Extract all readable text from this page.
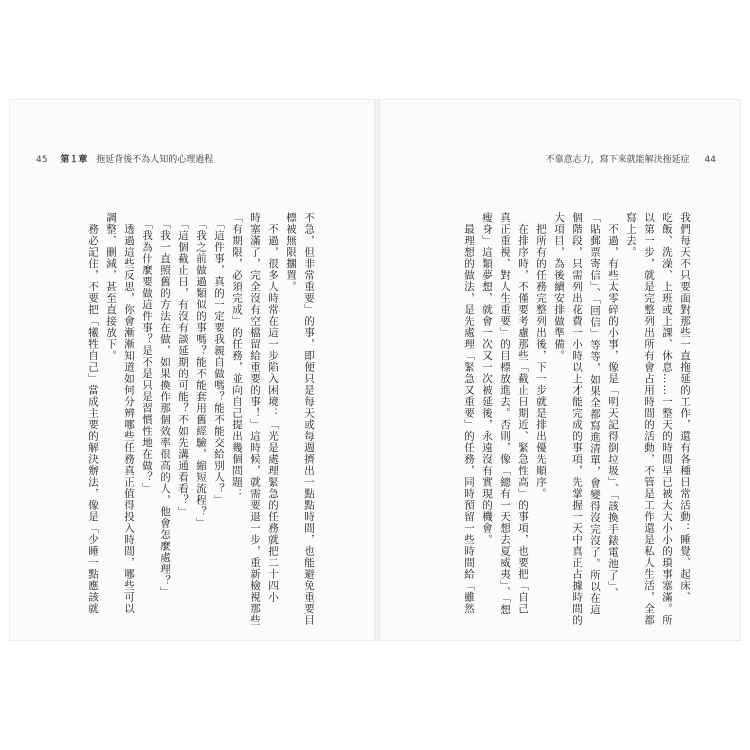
45 第１章 拖延背後不為人知的心理過程
不急，但非常重要」的事，即便只是每天或每週擠出一點點時間，也能避免重要目
標被無限擱置。
　不過，很多人時常在這一步陷入困境：「光是處理緊急的任務就把二十四小
時塞滿了，完全沒有空檔留給重要的事！」這時候，就需要退一步，重新檢視那些
「有期限，必須完成」的任務，並向自己提出幾個問題：
　「這件事，真的一定要我親自做嗎？能不能交給別人？」
　「我之前做過類似的事嗎？能不能套用舊經驗，縮短流程？」
　「這個截止日，有沒有談延期的可能？不如先溝通看看？」
　「我一直照舊的方法在做，如果換作那個效率很高的人，他會怎麼處理？」
　「我為什麼要做這件事？是不是只是習慣性地在做？」
　透過這些反思，你會漸漸知道如何分辨哪些任務真正值得投入時間，哪些可以
調整、刪減，甚至直接放下。
　務必記住，不要把「犧牲自己」當成主要的解決辦法，像是「少睡一點應該就
不靠意志力，寫下來就能解決拖延症 44
我們每天不只要面對那些一直拖延的工作，還有各種日常活動：睡覺、起床、
吃飯、洗澡、上班或上課、休息……一整天的時間早已被大大小小的瑣事塞滿。所
以第一步，就是完整列出所有會占用時間的活動，不管是工作還是私人生活，全都
寫上去。
　不過，有些太零碎的小事，像是「明天記得倒垃圾」、「該換手錶電池了」、
「貼郵票寄信」、「回信」等等，如果全都寫進清單，會變得沒完沒了。所以在這
個階段，只需列出花費一小時以上才能完成的事項，先掌握一天中真正占據時間的
大項目，為後續安排做準備。
　把所有的任務完整列出後，下一步就是排出優先順序。
　在排序時，不僅要考慮那些「截止日期近、緊急性高」的事項，也要把「自己
真正重視、對人生重要」的目標放進去。否則，像「總有一天想去夏威夷」、「想
瘦身」這類夢想，就會一次又一次被延後，永遠沒有實現的機會。
　最理想的做法，是先處理「緊急又重要」的任務，同時預留一些時間給「雖然
